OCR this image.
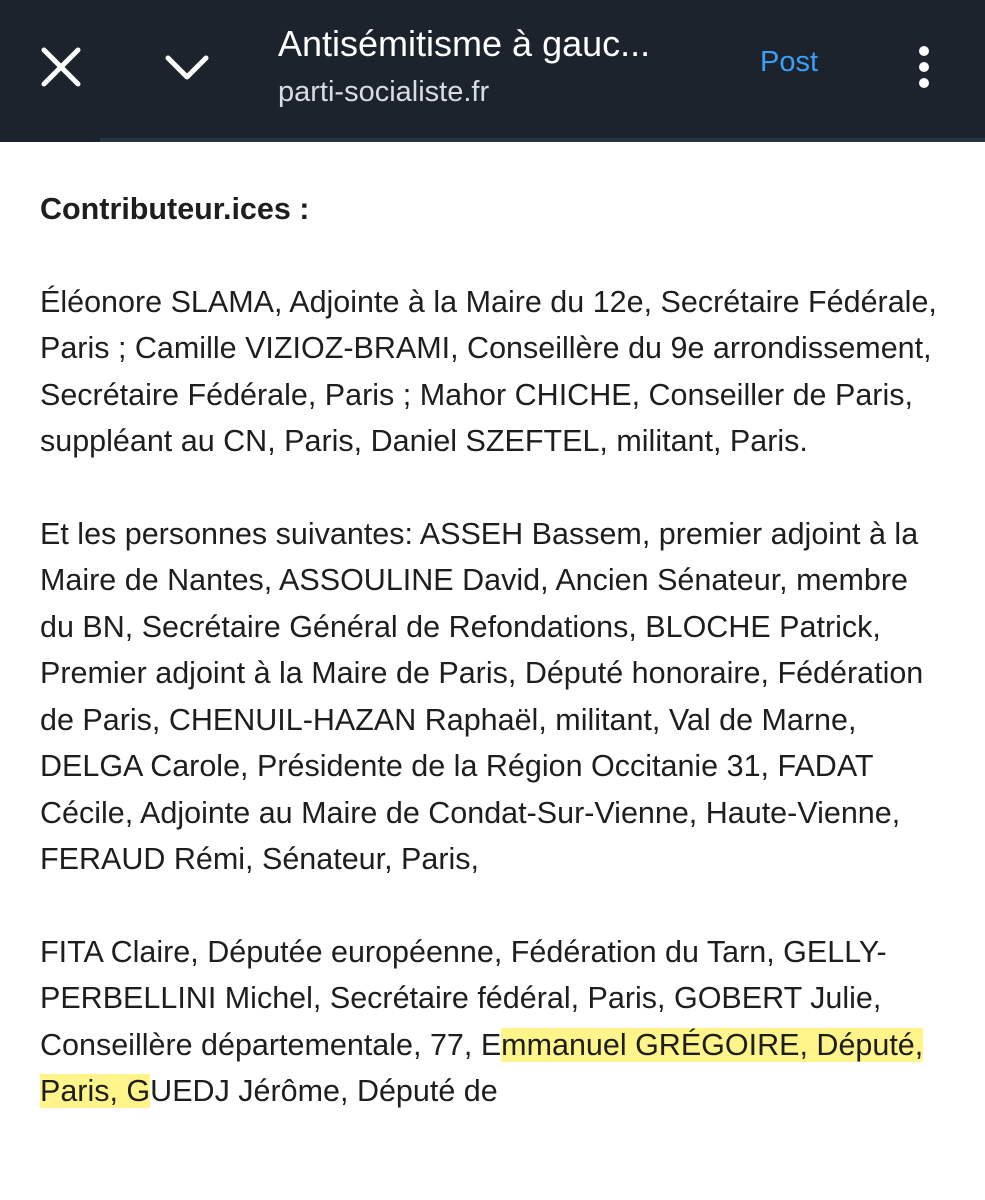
Antisémitisme à gauc...
parti-socialiste.fr
Post

Contributeur.ices :

Éléonore SLAMA, Adjointe à la Maire du 12e, Secrétaire Fédérale, Paris ; Camille VIZIOZ-BRAMI, Conseillère du 9e arrondissement, Secrétaire Fédérale, Paris ; Mahor CHICHE, Conseiller de Paris, suppléant au CN, Paris, Daniel SZEFTEL, militant, Paris.

Et les personnes suivantes: ASSEH Bassem, premier adjoint à la Maire de Nantes, ASSOULINE David, Ancien Sénateur, membre du BN, Secrétaire Général de Refondations, BLOCHE Patrick, Premier adjoint à la Maire de Paris, Député honoraire, Fédération de Paris, CHENUIL-HAZAN Raphaël, militant, Val de Marne, DELGA Carole, Présidente de la Région Occitanie 31, FADAT Cécile, Adjointe au Maire de Condat-Sur-Vienne, Haute-Vienne, FERAUD Rémi, Sénateur, Paris,

FITA Claire, Députée européenne, Fédération du Tarn, GELLY-PERBELLINI Michel, Secrétaire fédéral, Paris, GOBERT Julie, Conseillère départementale, 77, Emmanuel GRÉGOIRE, Député, Paris, GUEDJ Jérôme, Député de
